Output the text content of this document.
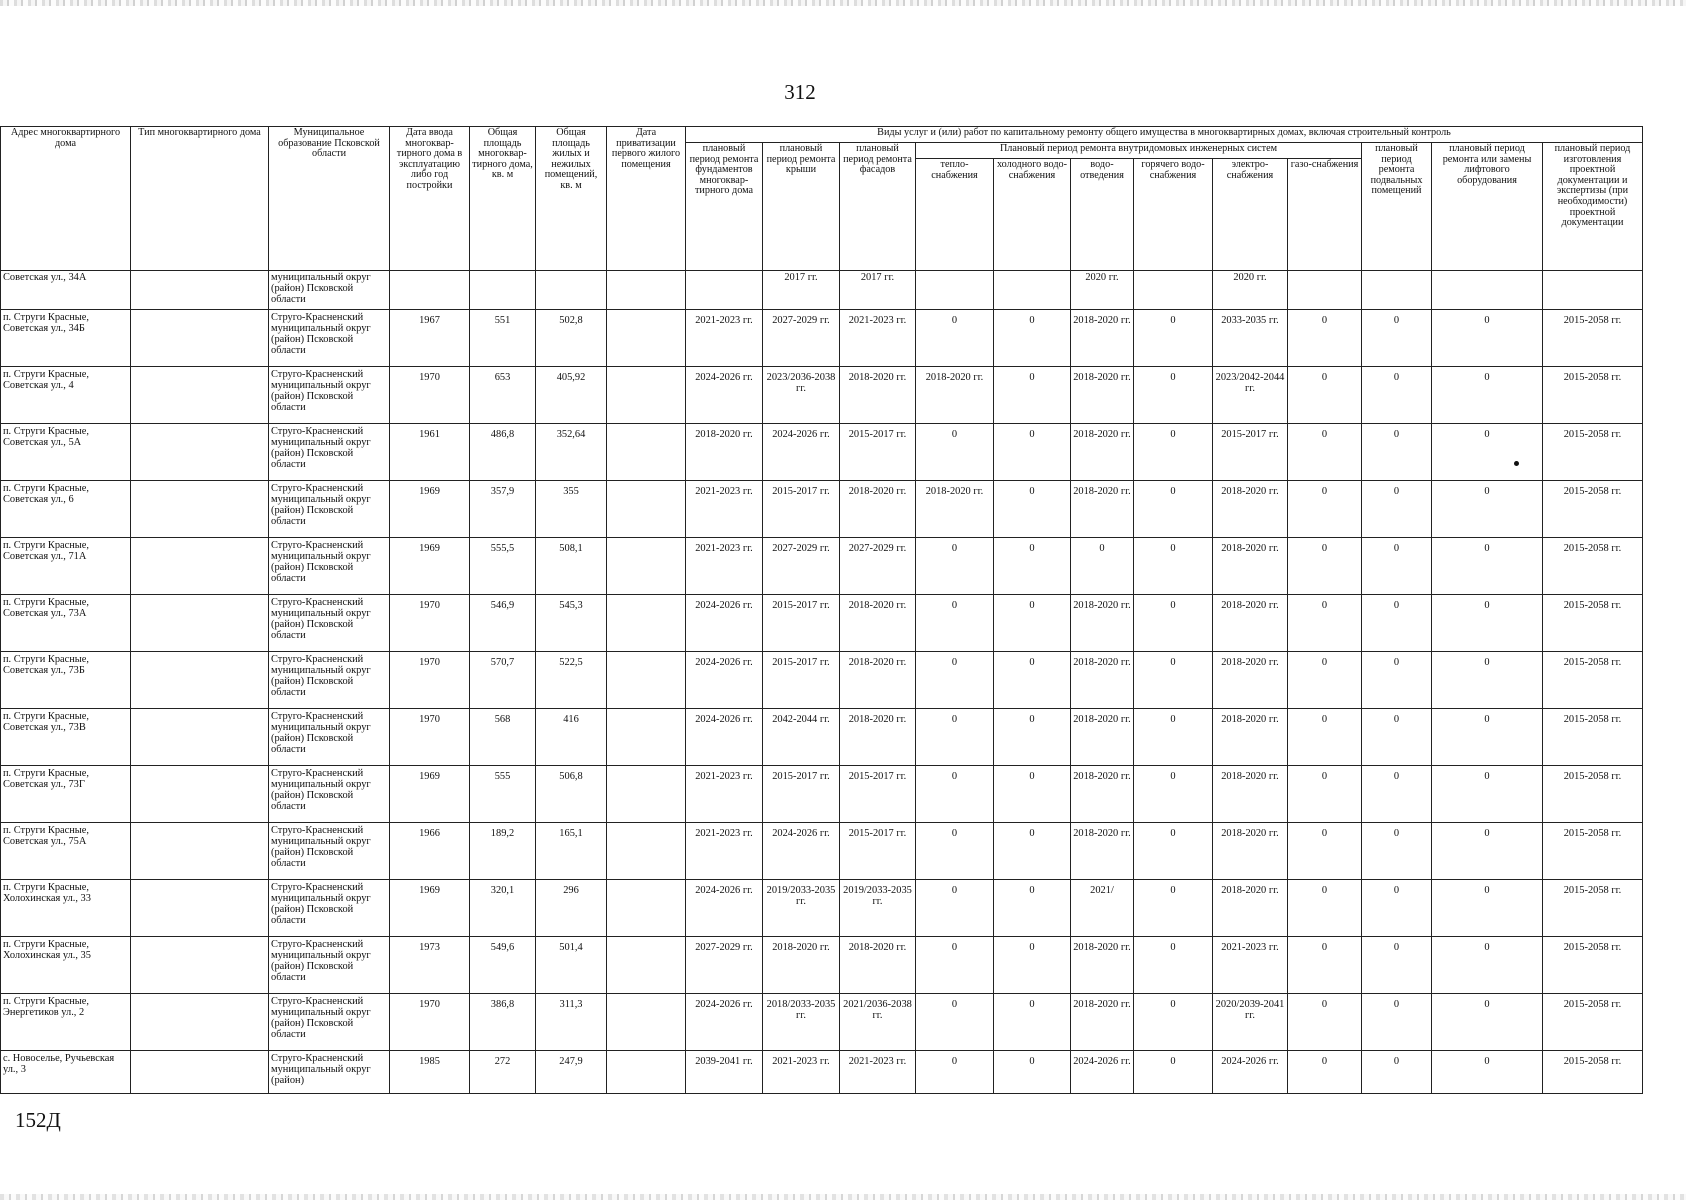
312
Адрес многоквартирного дома	Тип многоквартирного дома	Муниципальное образование Псковской области	Дата ввода многоквар-тирного дома в эксплуатацию либо год постройки	Общая площадь многоквар-тирного дома, кв. м	Общая площадь жилых и нежилых помещений, кв. м	Дата приватизации первого жилого помещения	Виды услуг и (или) работ по капитальному ремонту общего имущества в многоквартирных домах, включая строительный контроль											
							плановый период ремонта фундаментов многоквар-тирного дома	плановый период ремонта крыши	плановый период ремонта фасадов	Плановый период ремонта внутридомовых инженерных систем						плановый период ремонта подвальных помещений	плановый период ремонта или замены лифтового оборудования	плановый период изготовления проектной документации и экспертизы (при необходимости) проектной документации
										тепло-снабжения	холодного водо-снабжения	водо-отведения	горячего водо-снабжения	электро-снабжения	газо-снабжения			
Советская ул., 34А		муниципальный округ (район) Псковской области						2017 гг.	2017 гг.			2020 гг.		2020 гг.				
п. Струги Красные, Советская ул., 34Б		Струго-Красненский муниципальный округ (район) Псковской области	1967	551	502,8		2021-2023 гг.	2027-2029 гг.	2021-2023 гг.	0	0	2018-2020 гг.	0	2033-2035 гг.	0	0	0	2015-2058 гг.
п. Струги Красные, Советская ул., 4		Струго-Красненский муниципальный округ (район) Псковской области	1970	653	405,92		2024-2026 гг.	2023/2036-2038 гг.	2018-2020 гг.	2018-2020 гг.	0	2018-2020 гг.	0	2023/2042-2044 гг.	0	0	0	2015-2058 гг.
п. Струги Красные, Советская ул., 5А		Струго-Красненский муниципальный округ (район) Псковской области	1961	486,8	352,64		2018-2020 гг.	2024-2026 гг.	2015-2017 гг.	0	0	2018-2020 гг.	0	2015-2017 гг.	0	0	0	2015-2058 гг.
п. Струги Красные, Советская ул., 6		Струго-Красненский муниципальный округ (район) Псковской области	1969	357,9	355		2021-2023 гг.	2015-2017 гг.	2018-2020 гг.	2018-2020 гг.	0	2018-2020 гг.	0	2018-2020 гг.	0	0	0	2015-2058 гг.
п. Струги Красные, Советская ул., 71А		Струго-Красненский муниципальный округ (район) Псковской области	1969	555,5	508,1		2021-2023 гг.	2027-2029 гг.	2027-2029 гг.	0	0	0	0	2018-2020 гг.	0	0	0	2015-2058 гг.
п. Струги Красные, Советская ул., 73А		Струго-Красненский муниципальный округ (район) Псковской области	1970	546,9	545,3		2024-2026 гг.	2015-2017 гг.	2018-2020 гг.	0	0	2018-2020 гг.	0	2018-2020 гг.	0	0	0	2015-2058 гг.
п. Струги Красные, Советская ул., 73Б		Струго-Красненский муниципальный округ (район) Псковской области	1970	570,7	522,5		2024-2026 гг.	2015-2017 гг.	2018-2020 гг.	0	0	2018-2020 гг.	0	2018-2020 гг.	0	0	0	2015-2058 гг.
п. Струги Красные, Советская ул., 73В		Струго-Красненский муниципальный округ (район) Псковской области	1970	568	416		2024-2026 гг.	2042-2044 гг.	2018-2020 гг.	0	0	2018-2020 гг.	0	2018-2020 гг.	0	0	0	2015-2058 гг.
п. Струги Красные, Советская ул., 73Г		Струго-Красненский муниципальный округ (район) Псковской области	1969	555	506,8		2021-2023 гг.	2015-2017 гг.	2015-2017 гг.	0	0	2018-2020 гг.	0	2018-2020 гг.	0	0	0	2015-2058 гг.
п. Струги Красные, Советская ул., 75А		Струго-Красненский муниципальный округ (район) Псковской области	1966	189,2	165,1		2021-2023 гг.	2024-2026 гг.	2015-2017 гг.	0	0	2018-2020 гг.	0	2018-2020 гг.	0	0	0	2015-2058 гг.
п. Струги Красные, Холохинская ул., 33		Струго-Красненский муниципальный округ (район) Псковской области	1969	320,1	296		2024-2026 гг.	2019/2033-2035 гг.	2019/2033-2035 гг.	0	0	2021/	0	2018-2020 гг.	0	0	0	2015-2058 гг.
п. Струги Красные, Холохинская ул., 35		Струго-Красненский муниципальный округ (район) Псковской области	1973	549,6	501,4		2027-2029 гг.	2018-2020 гг.	2018-2020 гг.	0	0	2018-2020 гг.	0	2021-2023 гг.	0	0	0	2015-2058 гг.
п. Струги Красные, Энергетиков ул., 2		Струго-Красненский муниципальный округ (район) Псковской области	1970	386,8	311,3		2024-2026 гг.	2018/2033-2035 гг.	2021/2036-2038 гг.	0	0	2018-2020 гг.	0	2020/2039-2041 гг.	0	0	0	2015-2058 гг.
с. Новоселье, Ручьевская ул., 3		Струго-Красненский муниципальный округ (район)	1985	272	247,9		2039-2041 гг.	2021-2023 гг.	2021-2023 гг.	0	0	2024-2026 гг.	0	2024-2026 гг.	0	0	0	2015-2058 гг.
152Д
